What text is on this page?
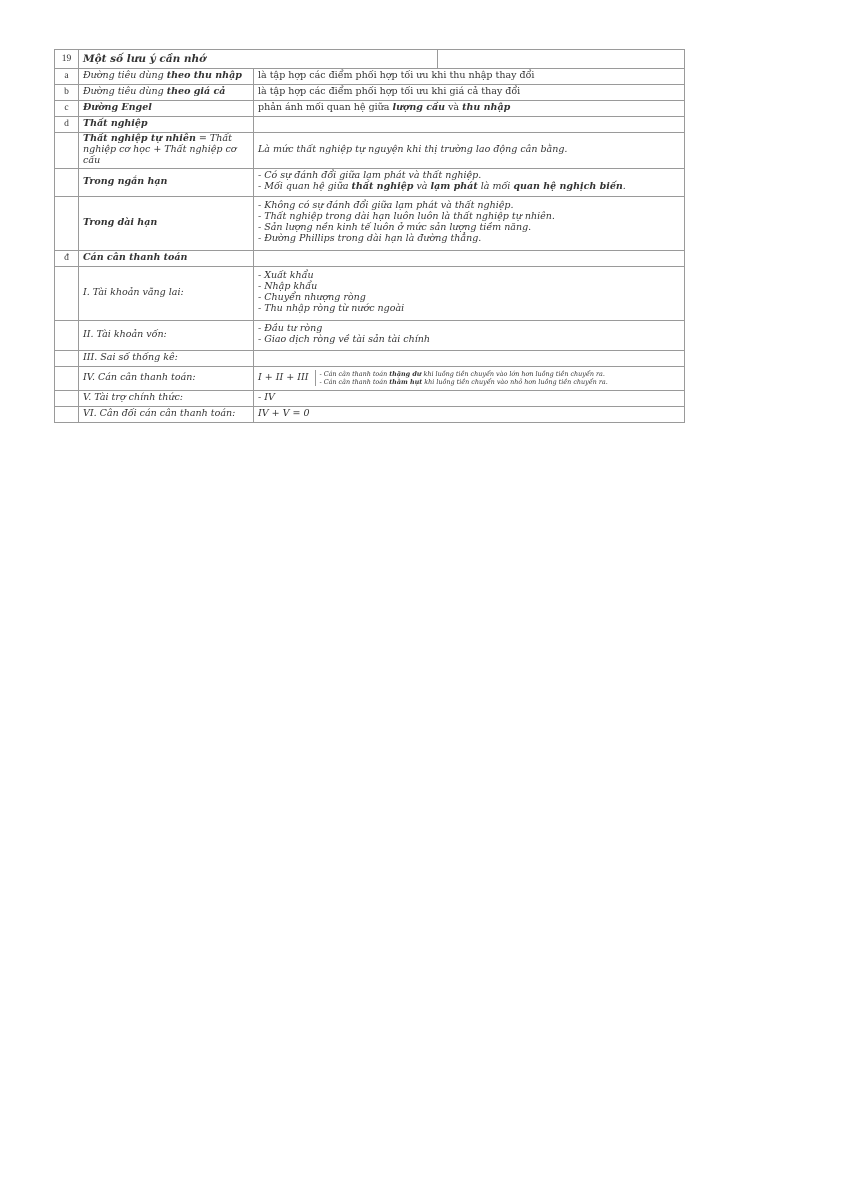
19	Một số lưu ý cần nhớ		
a	Đường tiêu dùng theo thu nhập	là tập hợp các điểm phối hợp tối ưu khi thu nhập thay đổi	
b	Đường tiêu dùng theo giá cả	là tập hợp các điểm phối hợp tối ưu khi giá cả thay đổi	
c	Đường Engel	phản ánh mối quan hệ giữa lượng cầu và thu nhập	
d	Thất nghiệp		
	Thất nghiệp tự nhiên = Thất nghiệp cơ học + Thất nghiệp cơ cấu	Là mức thất nghiệp tự nguyện khi thị trường lao động cân bằng.	
	Trong ngắn hạn	- Có sự đánh đổi giữa lạm phát và thất nghiệp.
- Mối quan hệ giữa thất nghiệp và lạm phát là mối quan hệ nghịch biến.	

	Trong dài hạn	- Không có sự đánh đổi giữa lạm phát và thất nghiệp.
- Thất nghiệp trong dài hạn luôn luôn là thất nghiệp tự nhiên.
- Sản lượng nền kinh tế luôn ở mức sản lượng tiềm năng.
- Đường Phillips trong dài hạn là đường thẳng.	

đ	Cán cân thanh toán		
	I. Tài khoản vãng lai:	- Xuất khẩu
- Nhập khẩu
- Chuyển nhượng ròng
- Thu nhập ròng từ nước ngoài	

	II. Tài khoản vốn:	- Đầu tư ròng
- Giao dịch ròng về tài sản tài chính	

	III. Sai số thống kê:		
	IV. Cán cân thanh toán:	I + II + III - Cán cân thanh toán thặng dư khi luồng tiền chuyển vào lớn hơn luồng tiền chuyển ra.
- Cán cân thanh toán thâm hụt khi luồng tiền chuyển vào nhỏ hơn luồng tiền chuyển ra.	

	V. Tài trợ chính thức:	- IV	
	VI. Cân đối cán cân thanh toán:	IV + V = 0	
